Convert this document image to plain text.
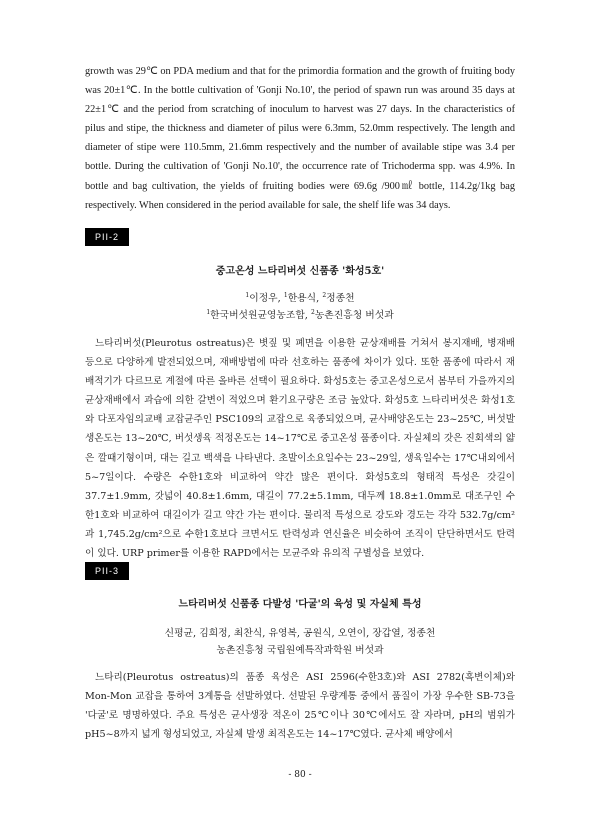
growth was 29℃ on PDA medium and that for the primordia formation and the growth of fruiting body was 20±1℃. In the bottle cultivation of 'Gonji No.10', the period of spawn run was around 35 days at 22±1℃ and the period from scratching of inoculum to harvest was 27 days. In the characteristics of pilus and stipe, the thickness and diameter of pilus were 6.3mm, 52.0mm respectively. The length and diameter of stipe were 110.5mm, 21.6mm respectively and the number of available stipe was 3.4 per bottle. During the cultivation of 'Gonji No.10', the occurrence rate of Trichoderma spp. was 4.9%. In bottle and bag cultivation, the yields of fruiting bodies were 69.6g /900㎖ bottle, 114.2g/1kg bag respectively. When considered in the period available for sale, the shelf life was 34 days.

PII-2

중고온성 느타리버섯 신품종 '화성5호'

$^1$이정우, $^1$한용식, $^2$정종천

$^1$한국버섯원균영농조합, $^2$농촌진흥청 버섯과

느타리버섯(Pleurotus ostreatus)은 볏짚 및 폐면을 이용한 균상재배를 거쳐서 봉지재배, 병재배 등으로 다양하게 발전되었으며, 재배방법에 따라 선호하는 품종에 차이가 있다. 또한 품종에 따라서 재배적기가 다르므로 계절에 따른 올바른 선택이 필요하다. 화성5호는 중고온성으로서 봄부터 가을까지의 균상재배에서 과습에 의한 갈변이 적었으며 환기요구량은 조금 높았다. 화성5호 느타리버섯은 화성1호와 다포자임의교배 교잡균주인 PSC109의 교잡으로 육종되었으며, 균사배양온도는 23~25℃, 버섯발생온도는 13~20℃, 버섯생육 적정온도는 14~17℃로 중고온성 품종이다. 자실체의 갓은 진회색의 얇은 깔때기형이며, 대는 길고 백색을 나타낸다. 초발이소요일수는 23~29일, 생육일수는 17℃내외에서 5~7일이다. 수량은 수한1호와 비교하여 약간 많은 편이다. 화성5호의 형태적 특성은 갓길이 37.7±1.9mm, 갓넓이 40.8±1.6mm, 대길이 77.2±5.1mm, 대두께 18.8±1.0mm로 대조구인 수한1호와 비교하여 대길이가 길고 약간 가는 편이다. 물리적 특성으로 강도와 경도는 각각 532.7g/cm²과 1,745.2g/cm²으로 수한1호보다 크면서도 탄력성과 연신율은 비슷하여 조직이 단단하면서도 탄력이 있다. URP primer를 이용한 RAPD에서는 모균주와 유의적 구별성을 보였다.

PII-3

느타리버섯 신품종 다발성 '다굴'의 육성 및 자실체 특성

신평균, 김희정, 최찬식, 유영복, 공원식, 오연이, 장갑열, 정종천

농촌진흥청 국립원예특작과학원 버섯과

느타리(Pleurotus ostreatus)의 품종 육성은 ASI 2596(수한3호)와 ASI 2782(흑변이체)와 Mon-Mon 교잡을 통하여 3계통을 선발하였다. 선발된 우량계통 중에서 품질이 가장 우수한 SB-73을 '다굴'로 명명하였다. 주요 특성은 균사생장 적온이 25℃이나 30℃에서도 잘 자라며, pH의 범위가 pH5~8까지 넓게 형성되었고, 자실체 발생 최적온도는 14~17℃였다. 균사체 배양에서

- 80 -
